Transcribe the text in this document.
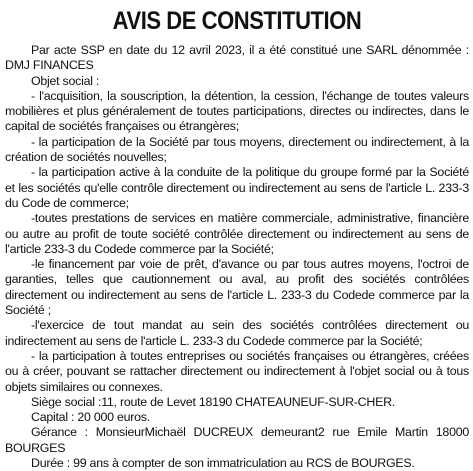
AVIS DE CONSTITUTION

Par acte SSP en date du 12 avril 2023, il a été constitué une SARL dénommée : DMJ FINANCES

Objet social :

- l'acquisition, la souscription, la détention, la cession, l'échange de toutes valeurs mobilières et plus généralement de toutes participations, directes ou indirectes, dans le capital de sociétés françaises ou étrangères;

- la participation de la Société par tous moyens, directement ou indirectement, à la création de sociétés nouvelles;

- la participation active à la conduite de la politique du groupe formé par la Société et les sociétés qu'elle contrôle directement ou indirectement au sens de l'article L. 233-3 du Code de commerce;

-toutes prestations de services en matière commerciale, administrative, financière ou autre au profit de toute société contrôlée directement ou indirectement au sens de l'article 233-3 du Codede commerce par la Société;

-le financement par voie de prêt, d'avance ou par tous autres moyens, l'octroi de garanties, telles que cautionnement ou aval, au profit des sociétés contrôlées directement ou indirectement au sens de l'article L. 233-3 du Codede commerce par la Société ;

-l'exercice de tout mandat au sein des sociétés contrôlées directement ou indirectement au sens de l'article L. 233-3 du Codede commerce par la Société;

- la participation à toutes entreprises ou sociétés françaises ou étrangères, créées ou à créer, pouvant se rattacher directement ou indirectement à l'objet social ou à tous objets similaires ou connexes.

Siège social :11, route de Levet 18190 CHATEAUNEUF-SUR-CHER.

Capital : 20 000 euros.

Gérance : MonsieurMichaël DUCREUX demeurant2 rue Emile Martin 18000 BOURGES

Durée : 99 ans à compter de son immatriculation au RCS de BOURGES.
